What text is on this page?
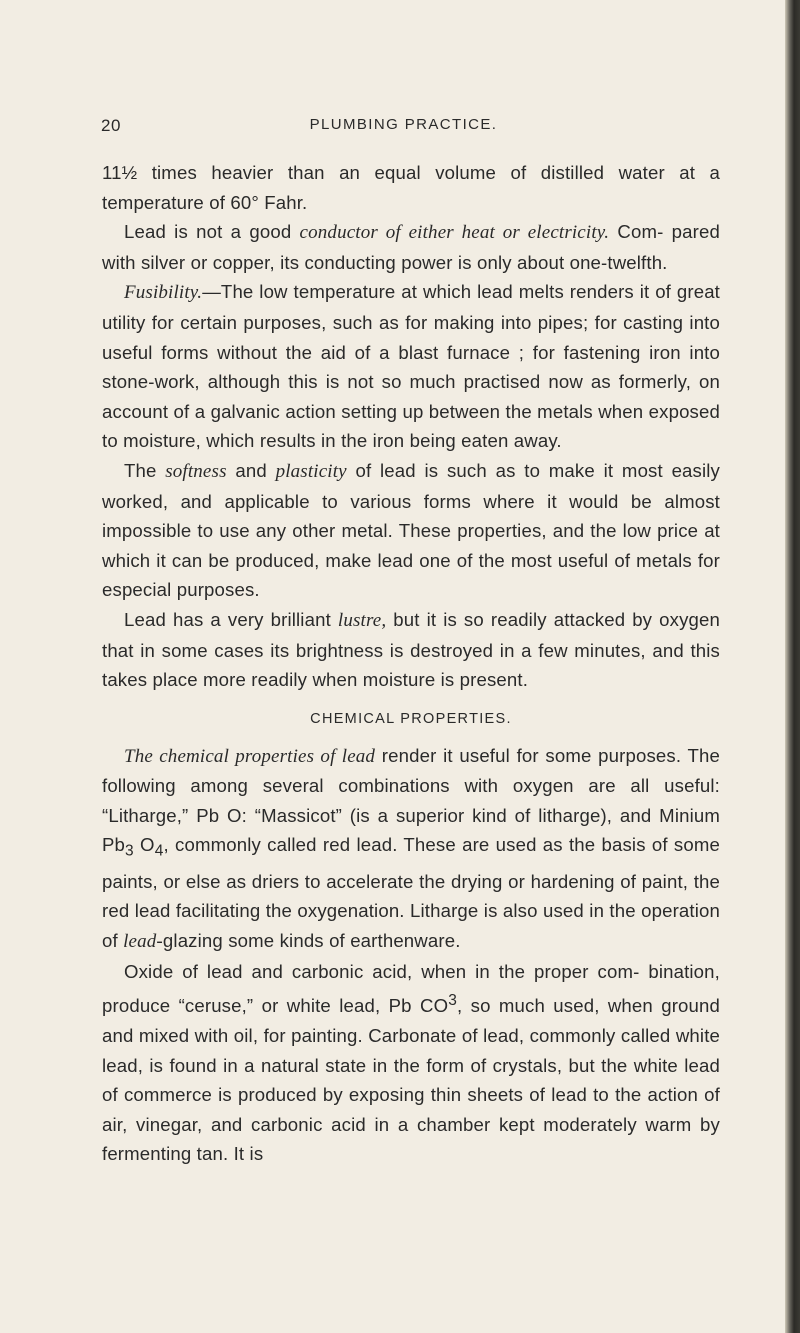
20	PLUMBING PRACTICE.

11½ times heavier than an equal volume of distilled water at a temperature of 60° Fahr.

Lead is not a good conductor of either heat or electricity. Com- pared with silver or copper, its conducting power is only about one-twelfth.

Fusibility.—The low temperature at which lead melts renders it of great utility for certain purposes, such as for making into pipes; for casting into useful forms without the aid of a blast furnace ; for fastening iron into stone-work, although this is not so much practised now as formerly, on account of a galvanic action setting up between the metals when exposed to moisture, which results in the iron being eaten away.

The softness and plasticity of lead is such as to make it most easily worked, and applicable to various forms where it would be almost impossible to use any other metal. These properties, and the low price at which it can be produced, make lead one of the most useful of metals for especial purposes.

Lead has a very brilliant lustre, but it is so readily attacked by oxygen that in some cases its brightness is destroyed in a few minutes, and this takes place more readily when moisture is present.

CHEMICAL PROPERTIES.

The chemical properties of lead render it useful for some purposes. The following among several combinations with oxygen are all useful: “Litharge,” Pb O: “Massicot” (is a superior kind of litharge), and Minium $Pb_3$ $O_4$, commonly called red lead. These are used as the basis of some paints, or else as driers to accelerate the drying or hardening of paint, the red lead facilitating the oxygenation. Litharge is also used in the operation of lead-glazing some kinds of earthenware.

Oxide of lead and carbonic acid, when in the proper com- bination, produce “ceruse,” or white lead, Pb $CO^3$, so much used, when ground and mixed with oil, for painting. Carbonate of lead, commonly called white lead, is found in a natural state in the form of crystals, but the white lead of commerce is produced by exposing thin sheets of lead to the action of air, vinegar, and carbonic acid in a chamber kept moderately warm by fermenting tan. It is
